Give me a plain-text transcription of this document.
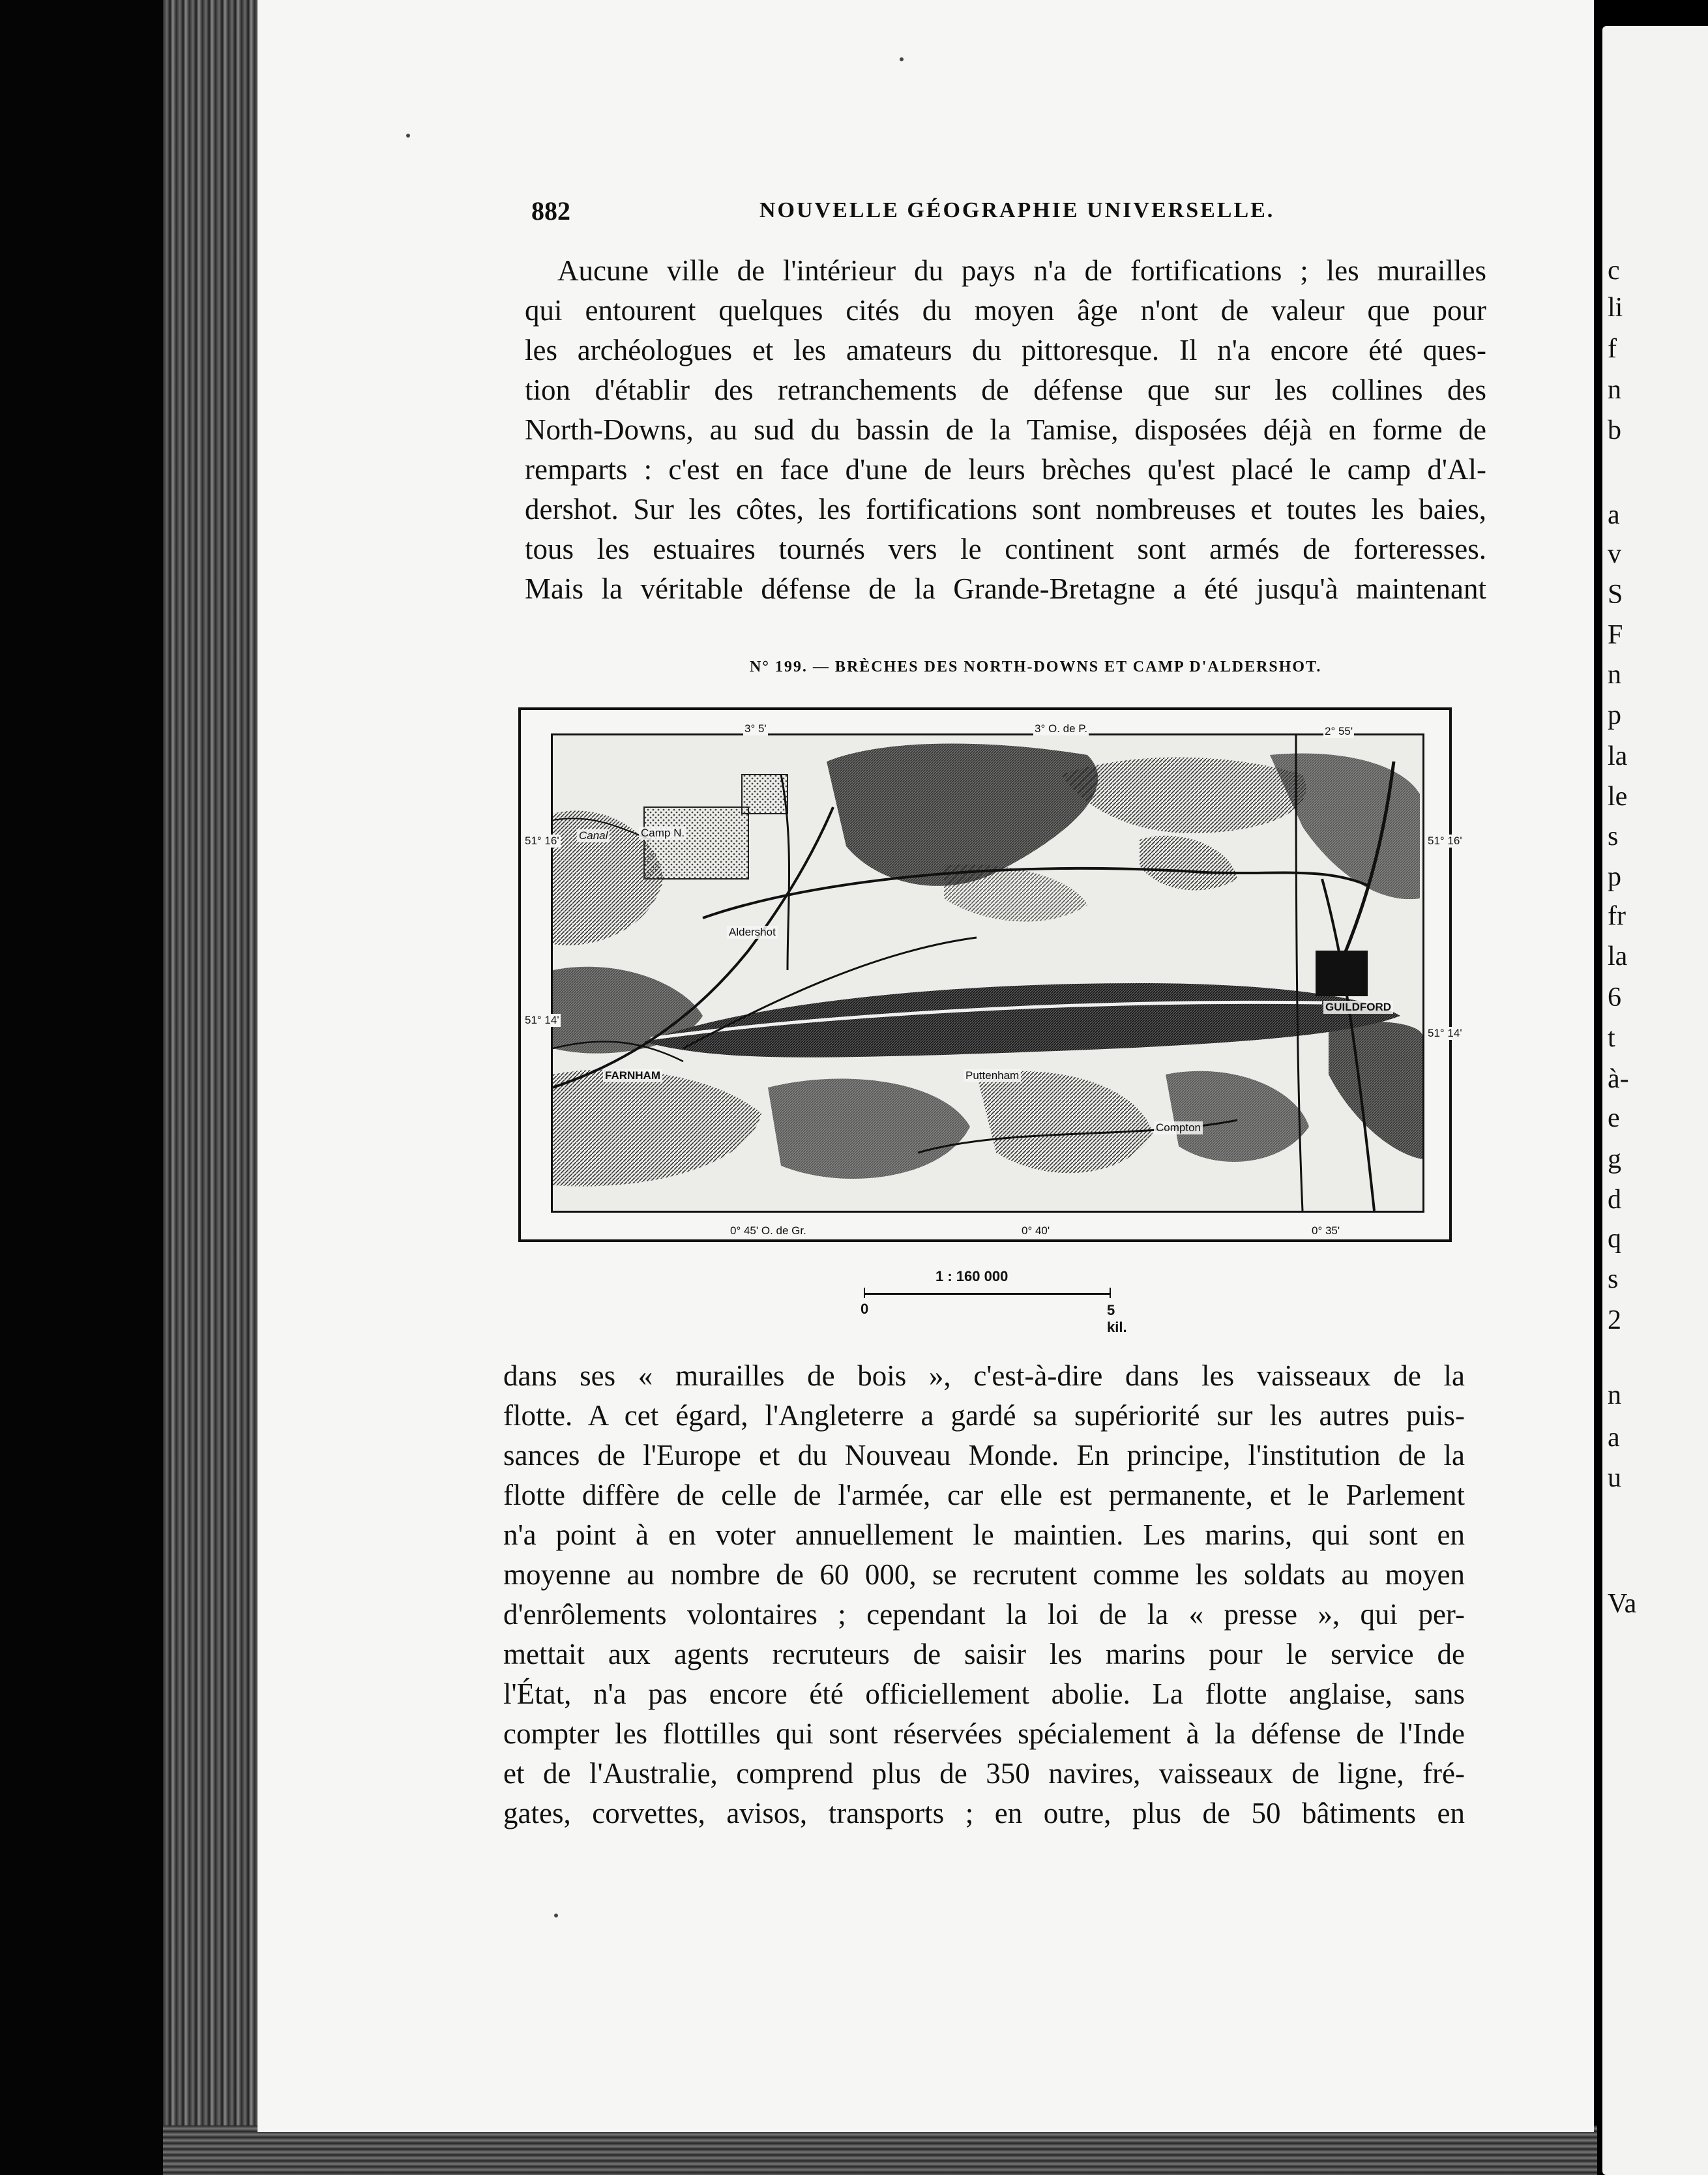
c
li
f
n
b
a
v
S
F
n
p
la
le
s
p
fr
la
6
t
à-
e
g
d
q
s
2
n
a
u
Va
882	NOUVELLE GÉOGRAPHIE UNIVERSELLE.
Aucune ville de l'intérieur du pays n'a de fortifications ; les murailles
qui entourent quelques cités du moyen âge n'ont de valeur que pour
les archéologues et les amateurs du pittoresque. Il n'a encore été ques-
tion d'établir des retranchements de défense que sur les collines des
North-Downs, au sud du bassin de la Tamise, disposées déjà en forme de
remparts : c'est en face d'une de leurs brèches qu'est placé le camp d'Al-
dershot. Sur les côtes, les fortifications sont nombreuses et toutes les baies,
tous les estuaires tournés vers le continent sont armés de forteresses.
Mais la véritable défense de la Grande-Bretagne a été jusqu'à maintenant
N° 199. — BRÈCHES DES NORTH-DOWNS ET CAMP D'ALDERSHOT.
3° 5'	3° O. de P.	2° 55'
51° 16'
51° 14'
51° 16'
51° 14'
0° 45' O. de Gr.	0° 40'	0° 35'
Camp N.
Canal
Aldershot
GUILDFORD
FARNHAM	Puttenham
Compton
1 : 160 000
0	5 kil.
dans ses « murailles de bois », c'est-à-dire dans les vaisseaux de la
flotte. A cet égard, l'Angleterre a gardé sa supériorité sur les autres puis-
sances de l'Europe et du Nouveau Monde. En principe, l'institution de la
flotte diffère de celle de l'armée, car elle est permanente, et le Parlement
n'a point à en voter annuellement le maintien. Les marins, qui sont en
moyenne au nombre de 60 000, se recrutent comme les soldats au moyen
d'enrôlements volontaires ; cependant la loi de la « presse », qui per-
mettait aux agents recruteurs de saisir les marins pour le service de
l'État, n'a pas encore été officiellement abolie. La flotte anglaise, sans
compter les flottilles qui sont réservées spécialement à la défense de l'Inde
et de l'Australie, comprend plus de 350 navires, vaisseaux de ligne, fré-
gates, corvettes, avisos, transports ; en outre, plus de 50 bâtiments en
